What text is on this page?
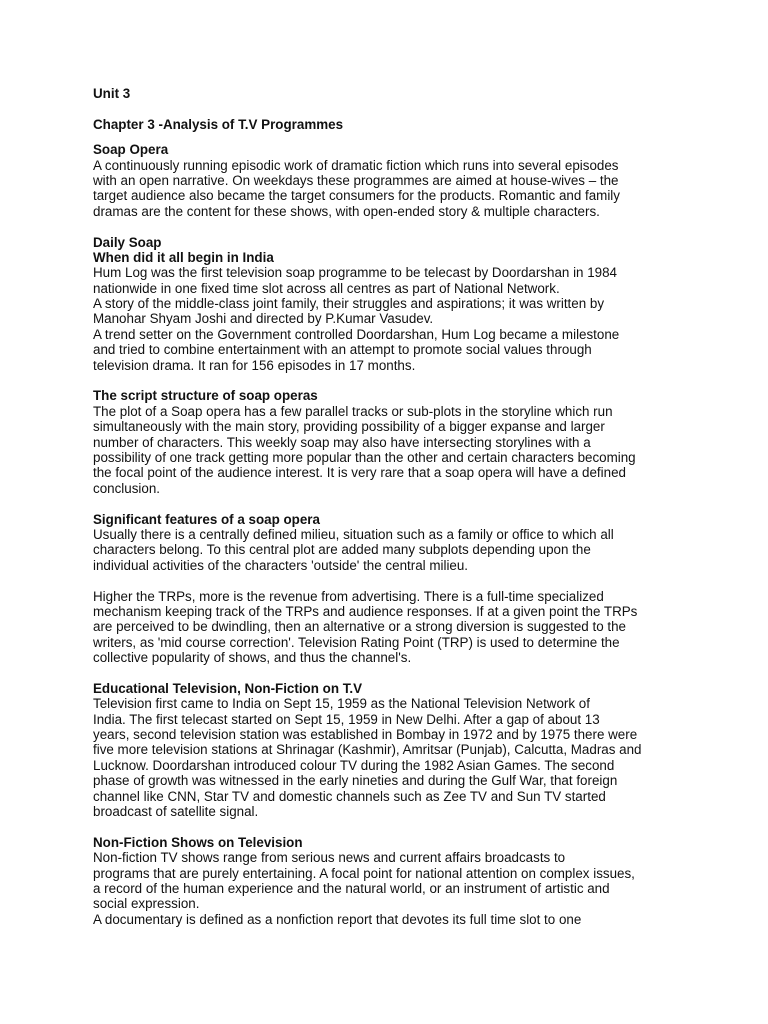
Unit 3
Chapter 3 -Analysis of T.V Programmes
Soap Opera
A continuously running episodic work of dramatic fiction which runs into several episodes
with an open narrative. On weekdays these programmes are aimed at house-wives – the
target audience also became the target consumers for the products. Romantic and family
dramas are the content for these shows, with open-ended story & multiple characters.
Daily Soap
When did it all begin in India
Hum Log was the first television soap programme to be telecast by Doordarshan in 1984
nationwide in one fixed time slot across all centres as part of National Network.
A story of the middle-class joint family, their struggles and aspirations; it was written by
Manohar Shyam Joshi and directed by P.Kumar Vasudev.
A trend setter on the Government controlled Doordarshan, Hum Log became a milestone
and tried to combine entertainment with an attempt to promote social values through
television drama. It ran for 156 episodes in 17 months.
The script structure of soap operas
The plot of a Soap opera has a few parallel tracks or sub-plots in the storyline which run
simultaneously with the main story, providing possibility of a bigger expanse and larger
number of characters. This weekly soap may also have intersecting storylines with a
possibility of one track getting more popular than the other and certain characters becoming
the focal point of the audience interest. It is very rare that a soap opera will have a defined
conclusion.
Significant features of a soap opera
Usually there is a centrally defined milieu, situation such as a family or office to which all
characters belong. To this central plot are added many subplots depending upon the
individual activities of the characters 'outside' the central milieu.
Higher the TRPs, more is the revenue from advertising. There is a full-time specialized
mechanism keeping track of the TRPs and audience responses. If at a given point the TRPs
are perceived to be dwindling, then an alternative or a strong diversion is suggested to the
writers, as 'mid course correction'. Television Rating Point (TRP) is used to determine the
collective popularity of shows, and thus the channel's.
Educational Television, Non-Fiction on T.V
Television first came to India on Sept 15, 1959 as the National Television Network of
India. The first telecast started on Sept 15, 1959 in New Delhi. After a gap of about 13
years, second television station was established in Bombay in 1972 and by 1975 there were
five more television stations at Shrinagar (Kashmir), Amritsar (Punjab), Calcutta, Madras and
Lucknow. Doordarshan introduced colour TV during the 1982 Asian Games. The second
phase of growth was witnessed in the early nineties and during the Gulf War, that foreign
channel like CNN, Star TV and domestic channels such as Zee TV and Sun TV started
broadcast of satellite signal.
Non-Fiction Shows on Television
Non-fiction TV shows range from serious news and current affairs broadcasts to
programs that are purely entertaining. A focal point for national attention on complex issues,
a record of the human experience and the natural world, or an instrument of artistic and
social expression.
A documentary is defined as a nonfiction report that devotes its full time slot to one
